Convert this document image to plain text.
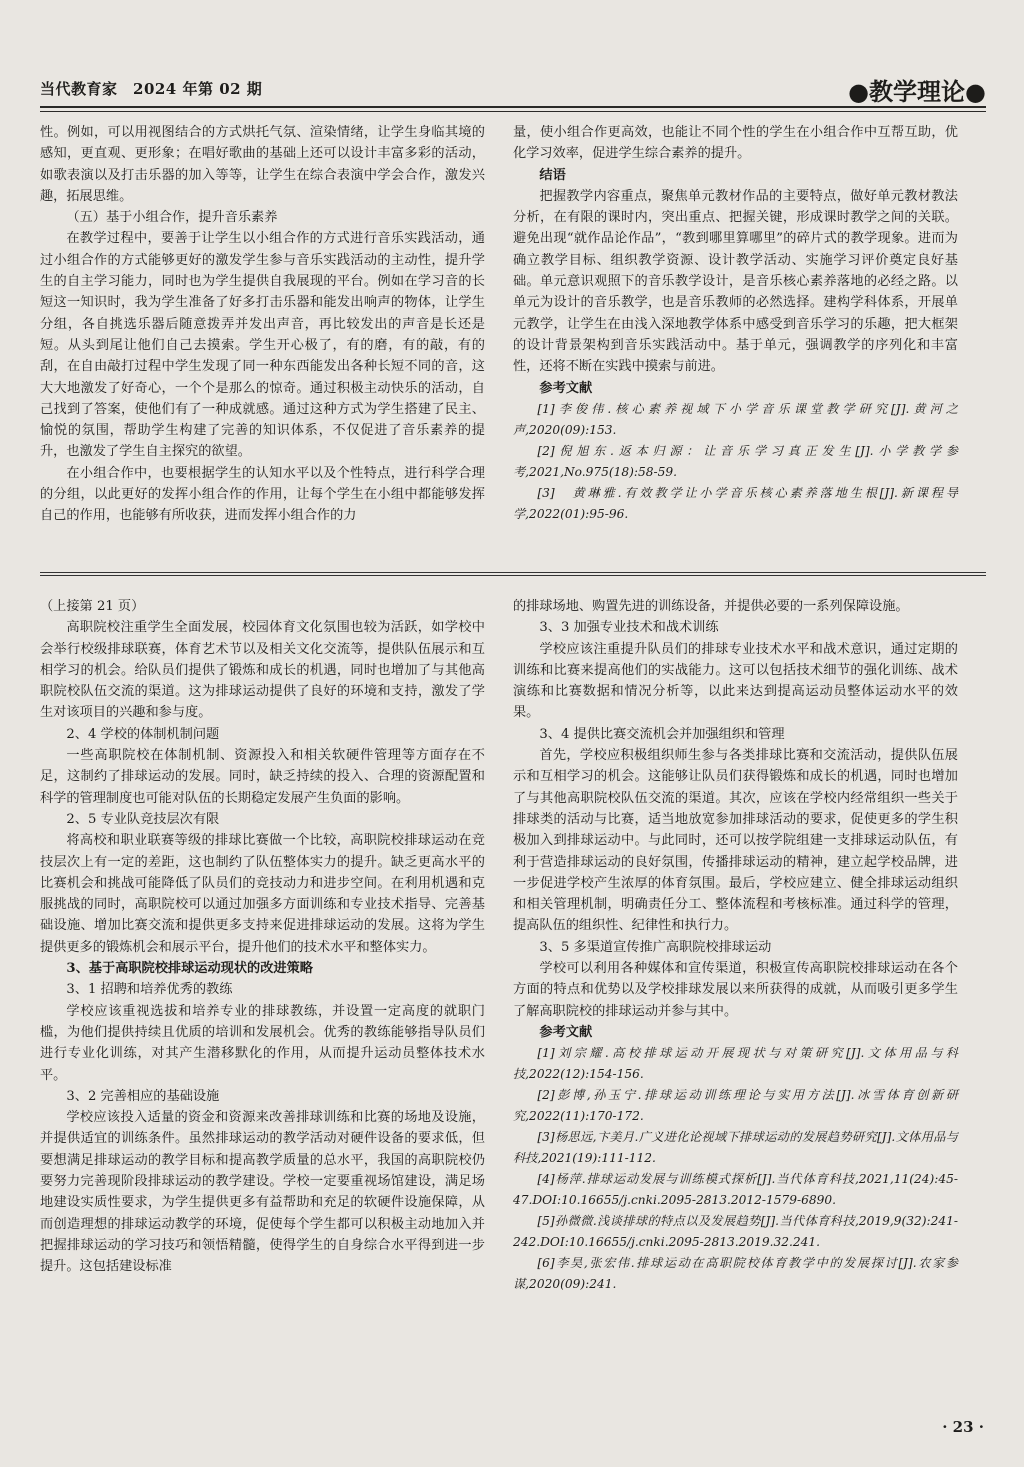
当代教育家　2024 年第 02 期	●教学理论●

性。例如，可以用视图结合的方式烘托气氛、渲染情绪，让学生身临其境的感知，更直观、更形象；在唱好歌曲的基础上还可以设计丰富多彩的活动，如歌表演以及打击乐器的加入等等，让学生在综合表演中学会合作，激发兴趣，拓展思维。

（五）基于小组合作，提升音乐素养

在教学过程中，要善于让学生以小组合作的方式进行音乐实践活动，通过小组合作的方式能够更好的激发学生参与音乐实践活动的主动性，提升学生的自主学习能力，同时也为学生提供自我展现的平台。例如在学习音的长短这一知识时，我为学生准备了好多打击乐器和能发出响声的物体，让学生分组，各自挑选乐器后随意拨弄并发出声音，再比较发出的声音是长还是短。从头到尾让他们自己去摸索。学生开心极了，有的磨，有的敲，有的刮，在自由敲打过程中学生发现了同一种东西能发出各种长短不同的音，这大大地激发了好奇心，一个个是那么的惊奇。通过积极主动快乐的活动，自己找到了答案，使他们有了一种成就感。通过这种方式为学生搭建了民主、愉悦的氛围，帮助学生构建了完善的知识体系，不仅促进了音乐素养的提升，也激发了学生自主探究的欲望。

在小组合作中，也要根据学生的认知水平以及个性特点，进行科学合理的分组，以此更好的发挥小组合作的作用，让每个学生在小组中都能够发挥自己的作用，也能够有所收获，进而发挥小组合作的力

量，使小组合作更高效，也能让不同个性的学生在小组合作中互帮互助，优化学习效率，促进学生综合素养的提升。

结语

把握教学内容重点，聚焦单元教材作品的主要特点，做好单元教材教法分析，在有限的课时内，突出重点、把握关键，形成课时教学之间的关联。避免出现“就作品论作品”，“教到哪里算哪里”的碎片式的教学现象。进而为确立教学目标、组织教学资源、设计教学活动、实施学习评价奠定良好基础。单元意识观照下的音乐教学设计，是音乐核心素养落地的必经之路。以单元为设计的音乐教学，也是音乐教师的必然选择。建构学科体系，开展单元教学，让学生在由浅入深地教学体系中感受到音乐学习的乐趣，把大框架的设计背景架构到音乐实践活动中。基于单元，强调教学的序列化和丰富性，还将不断在实践中摸索与前进。

参考文献

[1]李俊伟.核心素养视域下小学音乐课堂教学研究[J].黄河之声,2020(09):153.

[2]倪旭东.返本归源：让音乐学习真正发生[J].小学教学参考,2021,No.975(18):58-59.

[3]　黄琳雅.有效教学让小学音乐核心素养落地生根[J].新课程导学,2022(01):95-96.

（上接第 21 页）

高职院校注重学生全面发展，校园体育文化氛围也较为活跃，如学校中会举行校级排球联赛，体育艺术节以及相关文化交流等，提供队伍展示和互相学习的机会。给队员们提供了锻炼和成长的机遇，同时也增加了与其他高职院校队伍交流的渠道。这为排球运动提供了良好的环境和支持，激发了学生对该项目的兴趣和参与度。

2、4 学校的体制机制问题

一些高职院校在体制机制、资源投入和相关软硬件管理等方面存在不足，这制约了排球运动的发展。同时，缺乏持续的投入、合理的资源配置和科学的管理制度也可能对队伍的长期稳定发展产生负面的影响。

2、5 专业队竞技层次有限

将高校和职业联赛等级的排球比赛做一个比较，高职院校排球运动在竞技层次上有一定的差距，这也制约了队伍整体实力的提升。缺乏更高水平的比赛机会和挑战可能降低了队员们的竞技动力和进步空间。在利用机遇和克服挑战的同时，高职院校可以通过加强多方面训练和专业技术指导、完善基础设施、增加比赛交流和提供更多支持来促进排球运动的发展。这将为学生提供更多的锻炼机会和展示平台，提升他们的技术水平和整体实力。

3、基于高职院校排球运动现状的改进策略

3、1 招聘和培养优秀的教练

学校应该重视选拔和培养专业的排球教练，并设置一定高度的就职门槛，为他们提供持续且优质的培训和发展机会。优秀的教练能够指导队员们进行专业化训练，对其产生潜移默化的作用，从而提升运动员整体技术水平。

3、2 完善相应的基础设施

学校应该投入适量的资金和资源来改善排球训练和比赛的场地及设施，并提供适宜的训练条件。虽然排球运动的教学活动对硬件设备的要求低，但要想满足排球运动的教学目标和提高教学质量的总水平，我国的高职院校仍要努力完善现阶段排球运动的教学建设。学校一定要重视场馆建设，满足场地建设实质性要求，为学生提供更多有益帮助和充足的软硬件设施保障，从而创造理想的排球运动教学的环境，促使每个学生都可以积极主动地加入并把握排球运动的学习技巧和领悟精髓，使得学生的自身综合水平得到进一步提升。这包括建设标准

的排球场地、购置先进的训练设备，并提供必要的一系列保障设施。

3、3 加强专业技术和战术训练

学校应该注重提升队员们的排球专业技术水平和战术意识，通过定期的训练和比赛来提高他们的实战能力。这可以包括技术细节的强化训练、战术演练和比赛数据和情况分析等，以此来达到提高运动员整体运动水平的效果。

3、4 提供比赛交流机会并加强组织和管理

首先，学校应积极组织师生参与各类排球比赛和交流活动，提供队伍展示和互相学习的机会。这能够让队员们获得锻炼和成长的机遇，同时也增加了与其他高职院校队伍交流的渠道。其次，应该在学校内经常组织一些关于排球类的活动与比赛，适当地放宽参加排球活动的要求，促使更多的学生积极加入到排球运动中。与此同时，还可以按学院组建一支排球运动队伍，有利于营造排球运动的良好氛围，传播排球运动的精神，建立起学校品牌，进一步促进学校产生浓厚的体育氛围。最后，学校应建立、健全排球运动组织和相关管理机制，明确责任分工、整体流程和考核标准。通过科学的管理，提高队伍的组织性、纪律性和执行力。

3、5 多渠道宣传推广高职院校排球运动

学校可以利用各种媒体和宣传渠道，积极宣传高职院校排球运动在各个方面的特点和优势以及学校排球发展以来所获得的成就，从而吸引更多学生了解高职院校的排球运动并参与其中。

参考文献

[1]刘宗耀.高校排球运动开展现状与对策研究[J].文体用品与科技,2022(12):154-156.

[2]彭博,孙玉宁.排球运动训练理论与实用方法[J].冰雪体育创新研究,2022(11):170-172.

[3]杨思远,卞美月.广义进化论视域下排球运动的发展趋势研究[J].文体用品与科技,2021(19):111-112.

[4]杨萍.排球运动发展与训练模式探析[J].当代体育科技,2021,11(24):45-47.DOI:10.16655/j.cnki.2095-2813.2012-1579-6890.

[5]孙微微.浅谈排球的特点以及发展趋势[J].当代体育科技,2019,9(32):241-242.DOI:10.16655/j.cnki.2095-2813.2019.32.241.

[6]李昊,张宏伟.排球运动在高职院校体育教学中的发展探讨[J].农家参谋,2020(09):241.

· 23 ·
